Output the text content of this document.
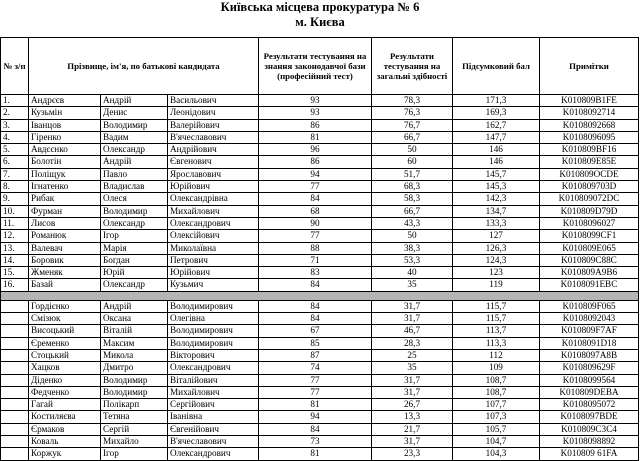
Київська місцева прокуратура № 6
м. Києва
№ з/п	Прізвище, ім'я, по батькові кандидата			Результати тестування на знання законодавчої бази (професійний тест)	Результати тестування на загальні здібності	Підсумковий бал	Примітки
1.	Андрєєв	Андрій	Васильович	93	78,3	171,3	K010809B1FE
2.	Кузьмін	Денис	Леонідович	93	76,3	169,3	K0108092714
3.	Іванцов	Володимир	Валерійович	86	76,7	162,7	K0108092668
4.	Гіренко	Вадим	В'ячеславович	81	66,7	147,7	K0108096095
5.	Авдєєнко	Олександр	Андрійович	96	50	146	K010809BF16
6.	Болотін	Андрій	Євгенович	86	60	146	K010809E85E
7.	Поліщук	Павло	Ярославович	94	51,7	145,7	K010809OCDE
8.	Ігнатенко	Владислав	Юрійович	77	68,3	145,3	K010809703D
9.	Рибак	Олеся	Олександрівна	84	58,3	142,3	K010809072DC
10.	Фурман	Володимир	Михайлович	68	66,7	134,7	K010809D79D
11.	Лисов	Олександр	Олександрович	90	43,3	133,3	K0108096027
12.	Романюк	Ігор	Олексійович	77	50	127	K0108099CF1
13.	Валевач	Марія	Миколаївна	88	38,3	126,3	K010809E065
14.	Боровик	Богдан	Петрович	71	53,3	124,3	K010809C88C
15.	Жменяк	Юрій	Юрійович	83	40	123	K010809A9B6
16.	Базай	Олександр	Кузьмич	84	35	119	K0108091EBC

	Гордієнко	Андрій	Володимирович	84	31,7	115,7	K010809F065
	Смізюк	Оксана	Олегівна	84	31,7	115,7	K0108092043
	Висоцький	Віталій	Володимирович	67	46,7	113,7	K010809F7AF
	Єременко	Максим	Володимирович	85	28,3	113,3	K0108091D18
	Стоцький	Микола	Вікторович	87	25	112	K0108097A8B
	Хацков	Дмитро	Олександрович	74	35	109	K010809629F
	Діденко	Володимир	Віталійович	77	31,7	108,7	K0108099564
	Федченко	Володимир	Михайлович	77	31,7	108,7	K010809DEBA
	Гагай	Полікарп	Сергійович	81	26,7	107,7	K0108095072
	Костиляєва	Тетяна	Іванівна	94	13,3	107,3	K0108097BDE
	Єрмаков	Сергій	Євгенійович	84	21,7	105,7	K010809C3C4
	Коваль	Михайло	В'ячеславович	73	31,7	104,7	K0108098892
	Коржук	Ігор	Олександрович	81	23,3	104,3	K010809 61FA
